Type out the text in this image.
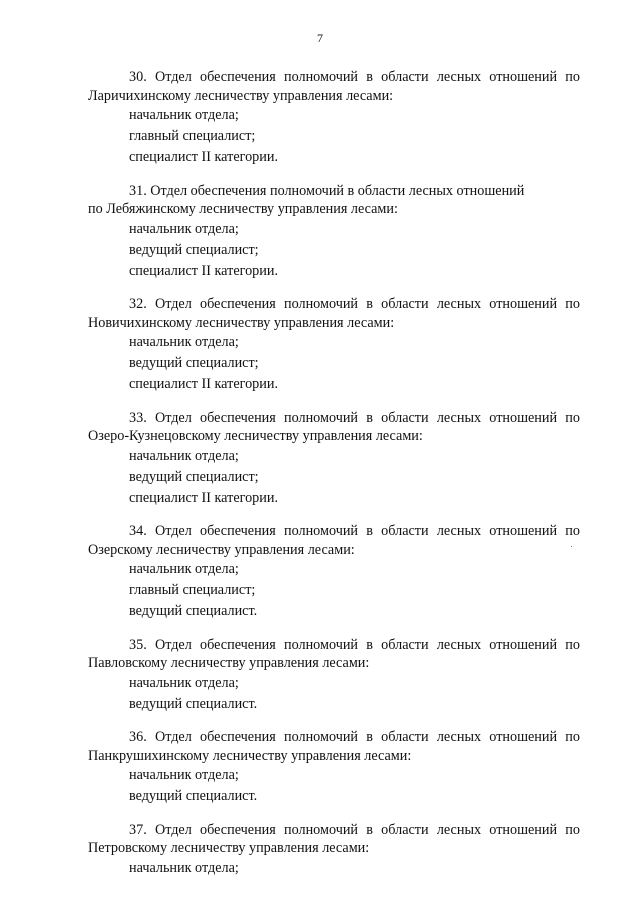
7

30. Отдел обеспечения полномочий в области лесных отношений по
Ларичихинскому лесничеству управления лесами:

начальник отдела;
главный специалист;
специалист II категории.

31. Отдел обеспечения полномочий в области лесных отношений
по Лебяжинскому лесничеству управления лесами:

начальник отдела;
ведущий специалист;
специалист II категории.

32. Отдел обеспечения полномочий в области лесных отношений по
Новичихинскому лесничеству управления лесами:

начальник отдела;
ведущий специалист;
специалист II категории.

33. Отдел обеспечения полномочий в области лесных отношений по
Озеро-Кузнецовскому лесничеству управления лесами:

начальник отдела;
ведущий специалист;
специалист II категории.

34. Отдел обеспечения полномочий в области лесных отношений по
Озерскому лесничеству управления лесами:

начальник отдела;
главный специалист;
ведущий специалист.

35. Отдел обеспечения полномочий в области лесных отношений по
Павловскому лесничеству управления лесами:

начальник отдела;
ведущий специалист.

36. Отдел обеспечения полномочий в области лесных отношений по
Панкрушихинскому лесничеству управления лесами:

начальник отдела;
ведущий специалист.

37. Отдел обеспечения полномочий в области лесных отношений по
Петровскому лесничеству управления лесами:

начальник отдела;
